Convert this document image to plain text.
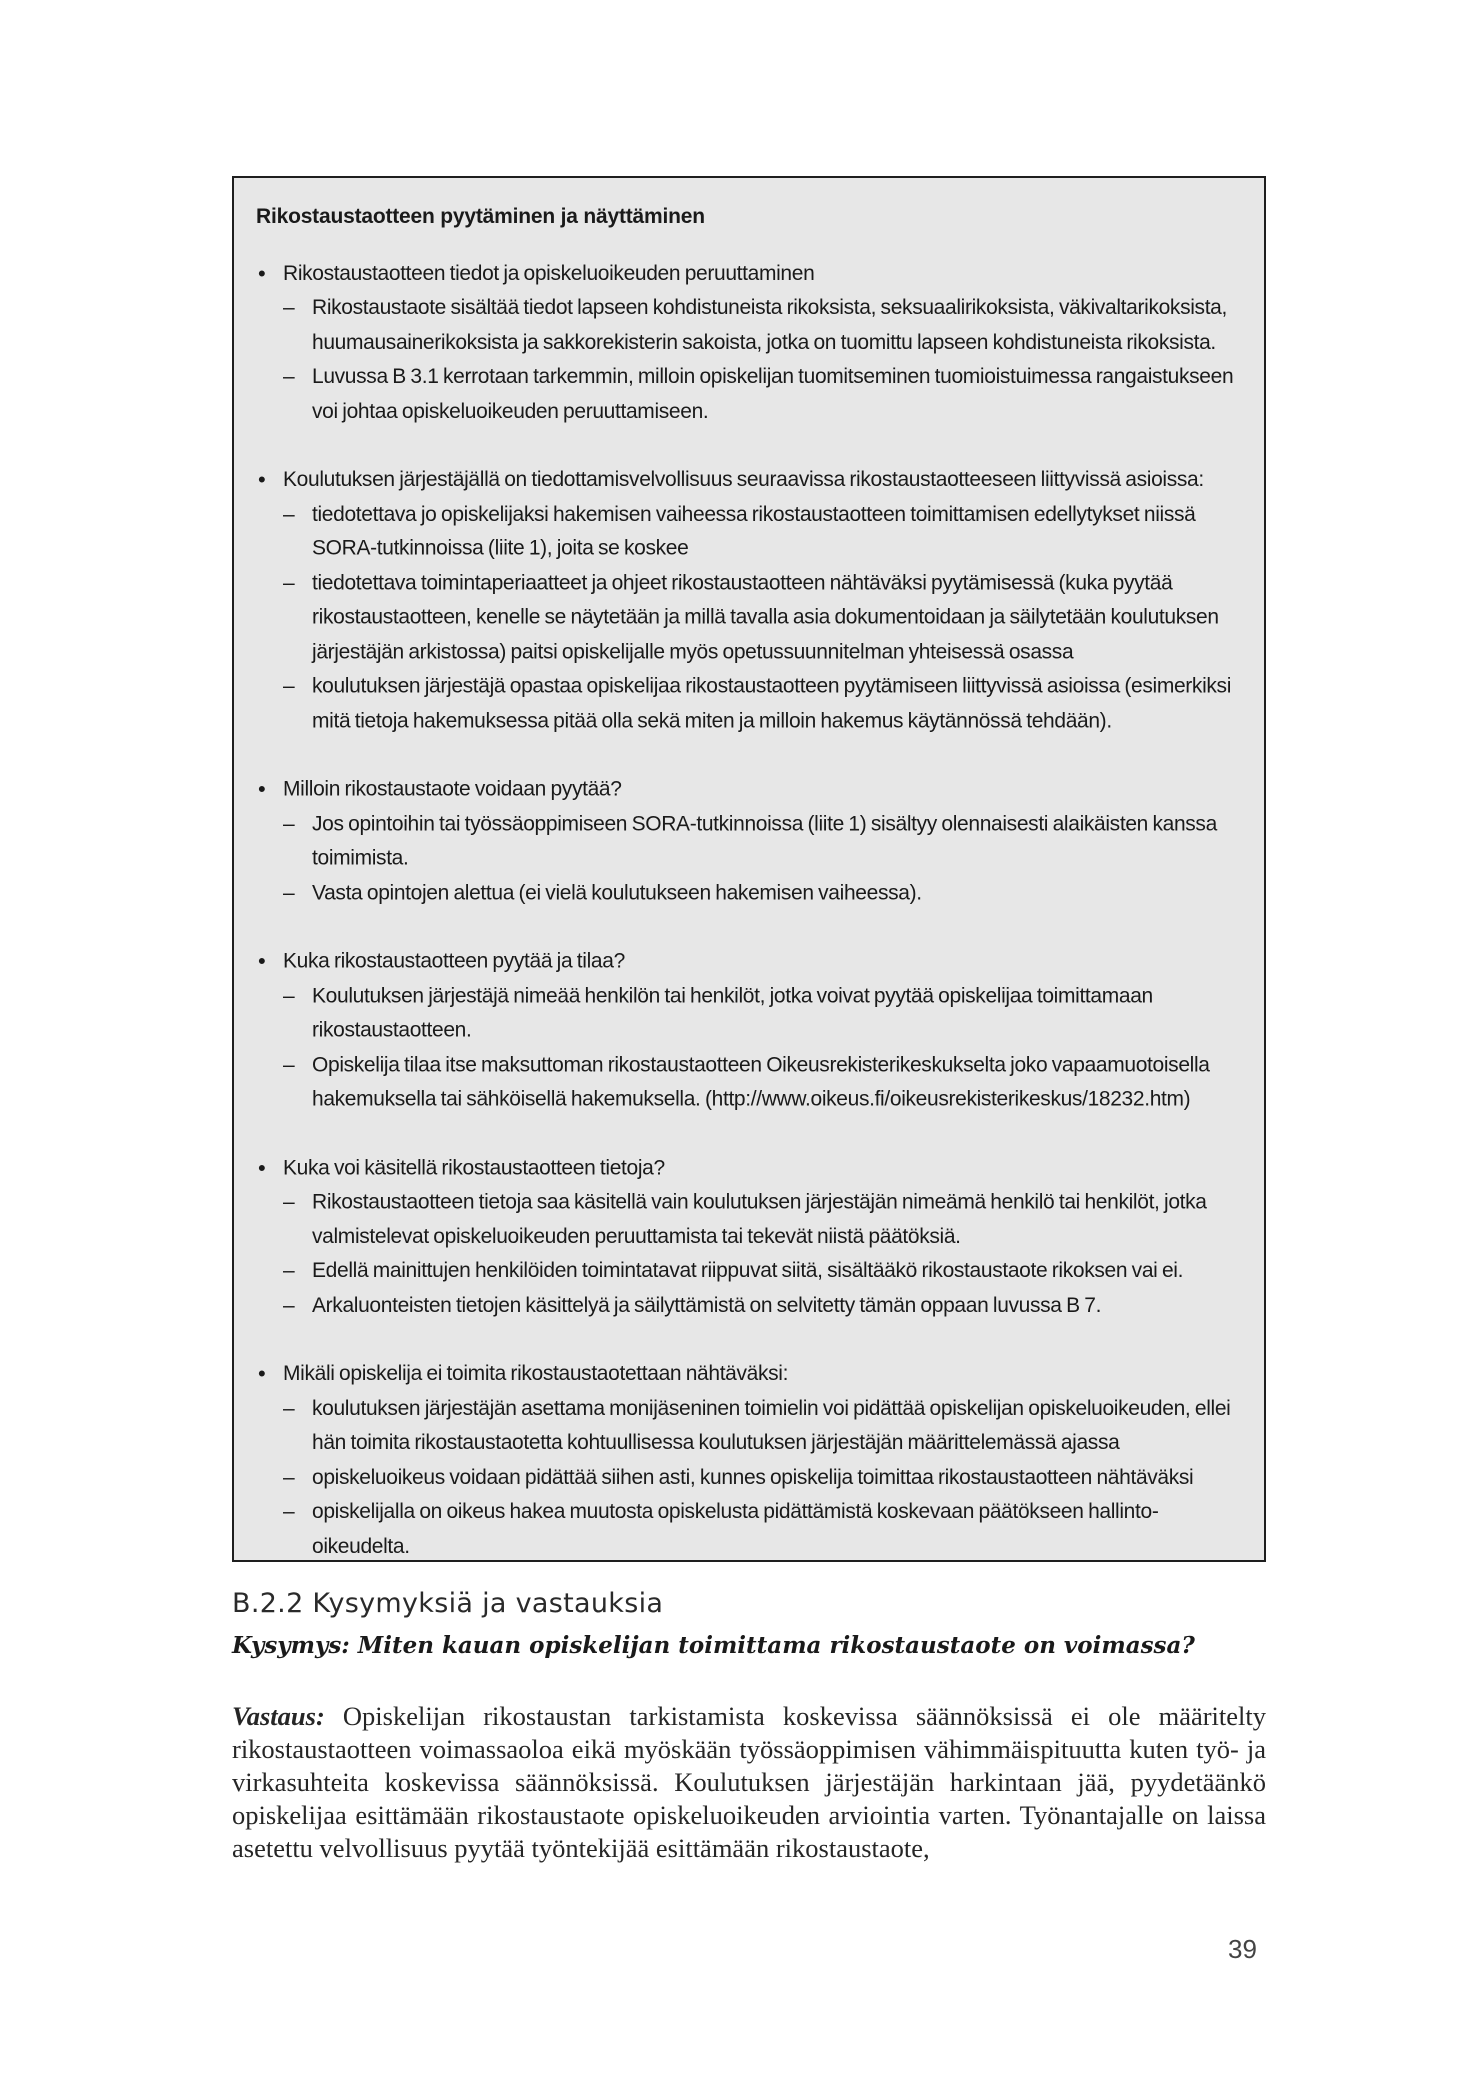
Rikostaustaotteen pyytäminen ja näyttäminen
• Rikostaustaotteen tiedot ja opiskeluoikeuden peruuttaminen
– Rikostaustaote sisältää tiedot lapseen kohdistuneista rikoksista, seksuaalirikoksista, väkivaltarikoksista, huumausainerikoksista ja sakkorekisterin sakoista, jotka on tuomittu lapseen kohdistuneista rikoksista.
– Luvussa B 3.1 kerrotaan tarkemmin, milloin opiskelijan tuomitseminen tuomioistuimessa rangaistukseen voi johtaa opiskeluoikeuden peruuttamiseen.
• Koulutuksen järjestäjällä on tiedottamisvelvollisuus seuraavissa rikostaustaotteeseen liittyvissä asioissa:
– tiedotettava jo opiskelijaksi hakemisen vaiheessa rikostaustaotteen toimittamisen edellytykset niissä SORA-tutkinnoissa (liite 1), joita se koskee
– tiedotettava toimintaperiaatteet ja ohjeet rikostaustaotteen nähtäväksi pyytämisessä (kuka pyytää rikostaustaotteen, kenelle se näytetään ja millä tavalla asia dokumentoidaan ja säilytetään koulutuksen järjestäjän arkistossa) paitsi opiskelijalle myös opetussuunnitelman yhteisessä osassa
– koulutuksen järjestäjä opastaa opiskelijaa rikostaustaotteen pyytämiseen liittyvissä asioissa (esimerkiksi mitä tietoja hakemuksessa pitää olla sekä miten ja milloin hakemus käytännössä tehdään).
• Milloin rikostaustaote voidaan pyytää?
– Jos opintoihin tai työssäoppimiseen SORA-tutkinnoissa (liite 1) sisältyy olennaisesti alaikäisten kanssa toimimista.
– Vasta opintojen alettua (ei vielä koulutukseen hakemisen vaiheessa).
• Kuka rikostaustaotteen pyytää ja tilaa?
– Koulutuksen järjestäjä nimeää henkilön tai henkilöt, jotka voivat pyytää opiskelijaa toimittamaan rikostaustaotteen.
– Opiskelija tilaa itse maksuttoman rikostaustaotteen Oikeusrekisterikeskukselta joko vapaamuotoisella hakemuksella tai sähköisellä hakemuksella. (http://www.oikeus.fi/oikeusrekisterikeskus/18232.htm)
• Kuka voi käsitellä rikostaustaotteen tietoja?
– Rikostaustaotteen tietoja saa käsitellä vain koulutuksen järjestäjän nimeämä henkilö tai henkilöt, jotka valmistelevat opiskeluoikeuden peruuttamista tai tekevät niistä päätöksiä.
– Edellä mainittujen henkilöiden toimintatavat riippuvat siitä, sisältääkö rikostaustaote rikoksen vai ei.
– Arkaluonteisten tietojen käsittelyä ja säilyttämistä on selvitetty tämän oppaan luvussa B 7.
• Mikäli opiskelija ei toimita rikostaustaotettaan nähtäväksi:
– koulutuksen järjestäjän asettama monijäseninen toimielin voi pidättää opiskelijan opiskeluoikeuden, ellei hän toimita rikostaustaotetta kohtuullisessa koulutuksen järjestäjän määrittelemässä ajassa
– opiskeluoikeus voidaan pidättää siihen asti, kunnes opiskelija toimittaa rikostaustaotteen nähtäväksi
– opiskelijalla on oikeus hakea muutosta opiskelusta pidättämistä koskevaan päätökseen hallinto-oikeudelta.
B.2.2 Kysymyksiä ja vastauksia
Kysymys: Miten kauan opiskelijan toimittama rikostaustaote on voimassa?
Vastaus: Opiskelijan rikostaustan tarkistamista koskevissa säännöksissä ei ole määritelty rikostaustaotteen voimassaoloa eikä myöskään työssäoppimisen vähimmäispituutta kuten työ- ja virkasuhteita koskevissa säännöksissä. Koulutuksen järjestäjän harkintaan jää, pyydetäänkö opiskelijaa esittämään rikostaustaote opiskeluoikeuden arviointia varten. Työnantajalle on laissa asetettu velvollisuus pyytää työntekijää esittämään rikostaustaote,
39
